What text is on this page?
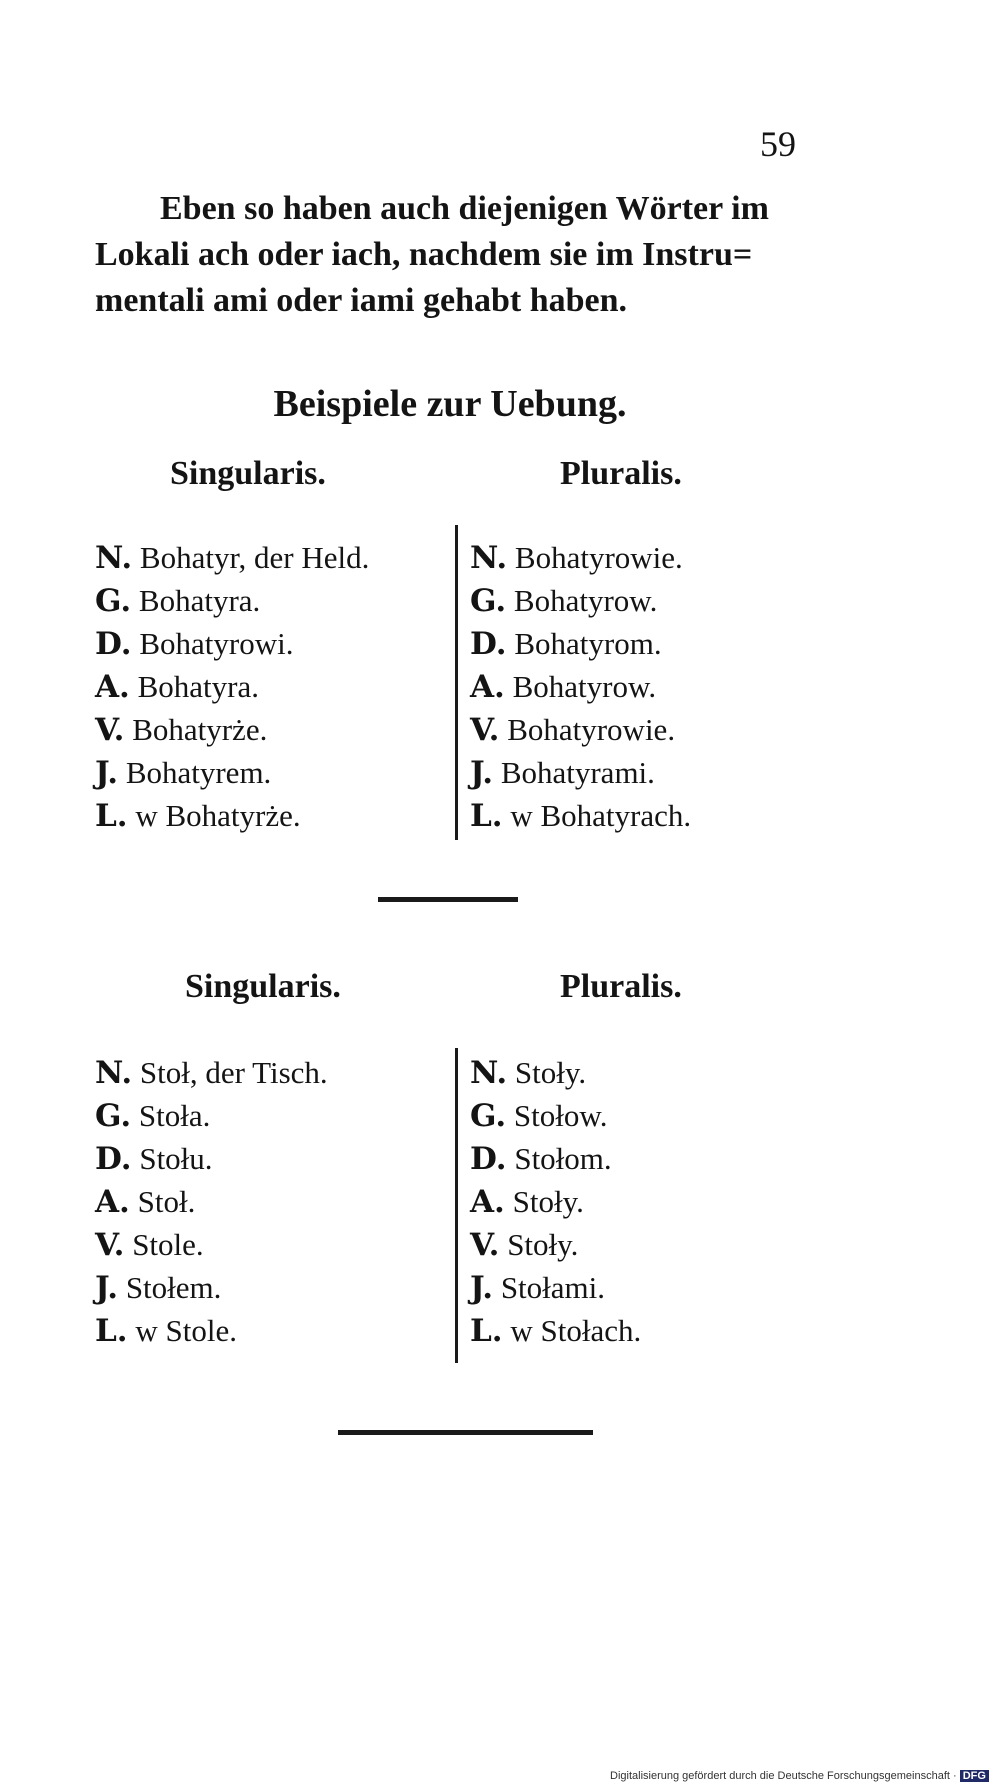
59
Eben so haben auch diejenigen Wörter im
Lokali ach oder iach, nachdem sie im Instru=
mentali ami oder iami gehabt haben.
Beispiele zur Uebung.
Singularis.	Pluralis.
N. Bohatyr, der Held.
G. Bohatyra.
D. Bohatyrowi.
A. Bohatyra.
V. Bohatyrże.
J. Bohatyrem.
L. w Bohatyrże.
N. Bohatyrowie.
G. Bohatyrow.
D. Bohatyrom.
A. Bohatyrow.
V. Bohatyrowie.
J. Bohatyrami.
L. w Bohatyrach.
Singularis.	Pluralis.
N. Stoł, der Tisch.
G. Stoła.
D. Stołu.
A. Stoł.
V. Stole.
J. Stołem.
L. w Stole.
N. Stoły.
G. Stołow.
D. Stołom.
A. Stoły.
V. Stoły.
J. Stołami.
L. w Stołach.
Digitalisierung gefördert durch die Deutsche Forschungsgemeinschaft · DFG
